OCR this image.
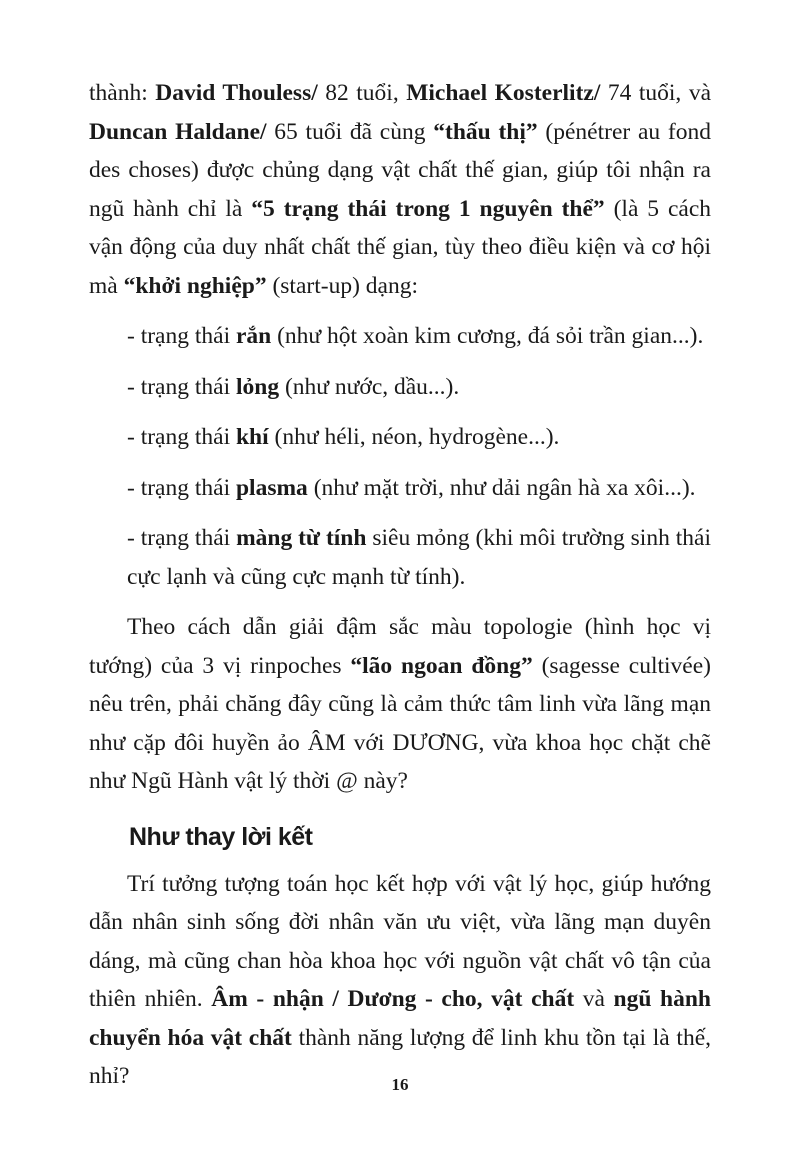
thành: David Thouless/ 82 tuổi, Michael Kosterlitz/ 74 tuổi, và Duncan Haldane/ 65 tuổi đã cùng “thấu thị” (pénétrer au fond des choses) được chủng dạng vật chất thế gian, giúp tôi nhận ra ngũ hành chỉ là “5 trạng thái trong 1 nguyên thể” (là 5 cách vận động của duy nhất chất thế gian, tùy theo điều kiện và cơ hội mà “khởi nghiệp” (start-up) dạng:

- trạng thái rắn (như hột xoàn kim cương, đá sỏi trần gian...).

- trạng thái lỏng (như nước, dầu...).

- trạng thái khí (như héli, néon, hydrogène...).

- trạng thái plasma (như mặt trời, như dải ngân hà xa xôi...).

- trạng thái màng từ tính siêu mỏng (khi môi trường sinh thái cực lạnh và cũng cực mạnh từ tính).

Theo cách dẫn giải đậm sắc màu topologie (hình học vị tướng) của 3 vị rinpoches “lão ngoan đồng” (sagesse cultivée) nêu trên, phải chăng đây cũng là cảm thức tâm linh vừa lãng mạn như cặp đôi huyền ảo ÂM với DƯƠNG, vừa khoa học chặt chẽ như Ngũ Hành vật lý thời @ này?

Như thay lời kết

Trí tưởng tượng toán học kết hợp với vật lý học, giúp hướng dẫn nhân sinh sống đời nhân văn ưu việt, vừa lãng mạn duyên dáng, mà cũng chan hòa khoa học với nguồn vật chất vô tận của thiên nhiên. Âm - nhận / Dương - cho, vật chất và ngũ hành chuyển hóa vật chất thành năng lượng để linh khu tồn tại là thế, nhỉ?	16
